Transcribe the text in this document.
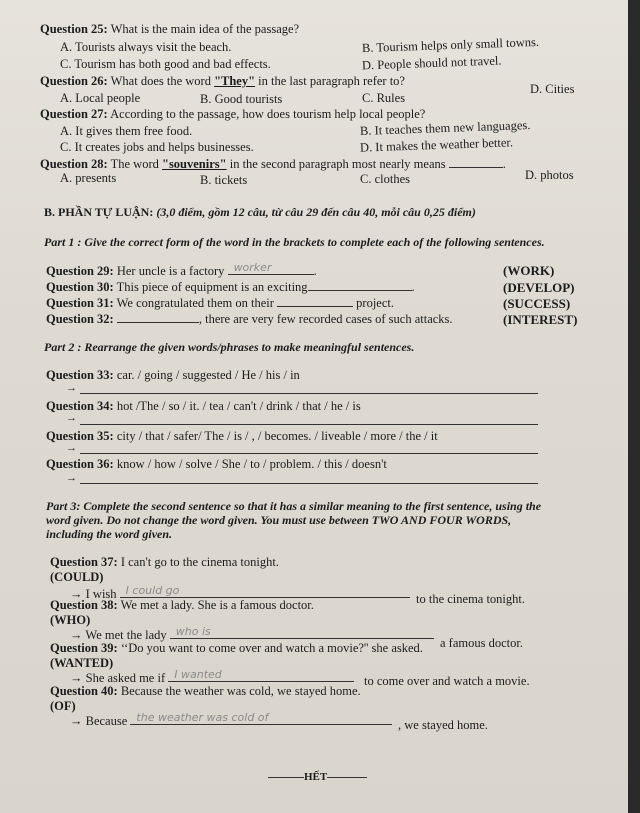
Question 25: What is the main idea of the passage?
A. Tourists always visit the beach.	B. Tourism helps only small towns.
C. Tourism has both good and bad effects.	D. People should not travel.
Question 26: What does the word "They" in the last paragraph refer to?
A. Local people	B. Good tourists	C. Rules
D. Cities
Question 27: According to the passage, how does tourism help local people?
A. It gives them free food.	B. It teaches them new languages.
C. It creates jobs and helps businesses.	D. It makes the weather better.
Question 28: The word "souvenirs" in the second paragraph most nearly means	.
A. presents	B. tickets	C. clothes	D. photos
B. PHẦN TỰ LUẬN: (3,0 điểm, gồm 12 câu, từ câu 29 đến câu 40, mỗi câu 0,25 điểm)
Part 1 : Give the correct form of the word in the brackets to complete each of the following sentences.
Question 29: Her uncle is a factory worker	.	(WORK)
Question 30: This piece of equipment is an exciting	.	(DEVELOP)
Question 31: We congratulated them on their	project.	(SUCCESS)
Question 32:	, there are very few recorded cases of such attacks.	(INTEREST)
Part 2 : Rearrange the given words/phrases to make meaningful sentences.
Question 33: car. / going / suggested / He / his / in
→
Question 34: hot /The / so / it. / tea / can't / drink / that / he / is
→
Question 35: city / that / safer/ The / is / , / becomes. / liveable / more / the / it
→
Question 36: know / how / solve / She / to / problem. / this / doesn't
→
Part 3: Complete the second sentence so that it has a similar meaning to the first sentence, using the
word given. Do not change the word given. You must use between TWO AND FOUR WORDS,
including the word given.
Question 37: I can't go to the cinema tonight.
(COULD)
→ I wish I could go
to the cinema tonight.
Question 38: We met a lady. She is a famous doctor.
(WHO)
→ We met the lady who is
a famous doctor.
Question 39: ‘‘Do you want to come over and watch a movie?'' she asked.
(WANTED)
→ She asked me if I wanted	to come over and watch a movie.
Question 40: Because the weather was cold, we stayed home.
(OF)
→ Because the weather was cold of
, we stayed home.
HẾT
